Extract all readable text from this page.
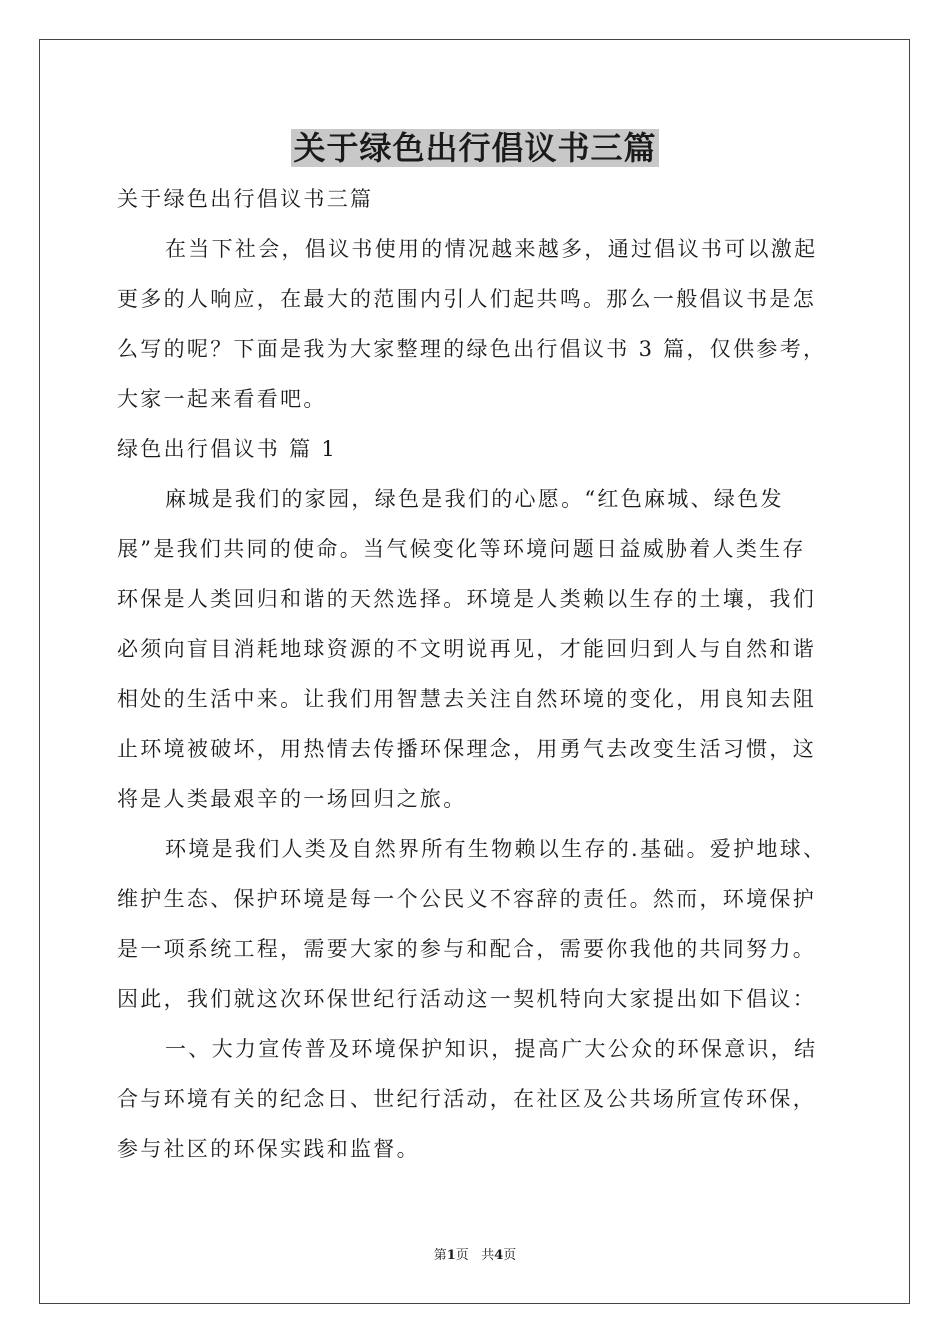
关于绿色出行倡议书三篇
关于绿色出行倡议书三篇
在当下社会，倡议书使用的情况越来越多，通过倡议书可以激起
更多的人响应，在最大的范围内引人们起共鸣。那么一般倡议书是怎
么写的呢？下面是我为大家整理的绿色出行倡议书 3 篇，仅供参考，
大家一起来看看吧。
绿色出行倡议书 篇 1
麻城是我们的家园，绿色是我们的心愿。“红色麻城、绿色发
展”是我们共同的使命。当气候变化等环境问题日益威胁着人类生存
环保是人类回归和谐的天然选择。环境是人类赖以生存的土壤，我们
必须向盲目消耗地球资源的不文明说再见，才能回归到人与自然和谐
相处的生活中来。让我们用智慧去关注自然环境的变化，用良知去阻
止环境被破坏，用热情去传播环保理念，用勇气去改变生活习惯，这
将是人类最艰辛的一场回归之旅。
环境是我们人类及自然界所有生物赖以生存的.基础。爱护地球、
维护生态、保护环境是每一个公民义不容辞的责任。然而，环境保护
是一项系统工程，需要大家的参与和配合，需要你我他的共同努力。
因此，我们就这次环保世纪行活动这一契机特向大家提出如下倡议：
一、大力宣传普及环境保护知识，提高广大公众的环保意识，结
合与环境有关的纪念日、世纪行活动，在社区及公共场所宣传环保，
参与社区的环保实践和监督。
第1页 共4页
